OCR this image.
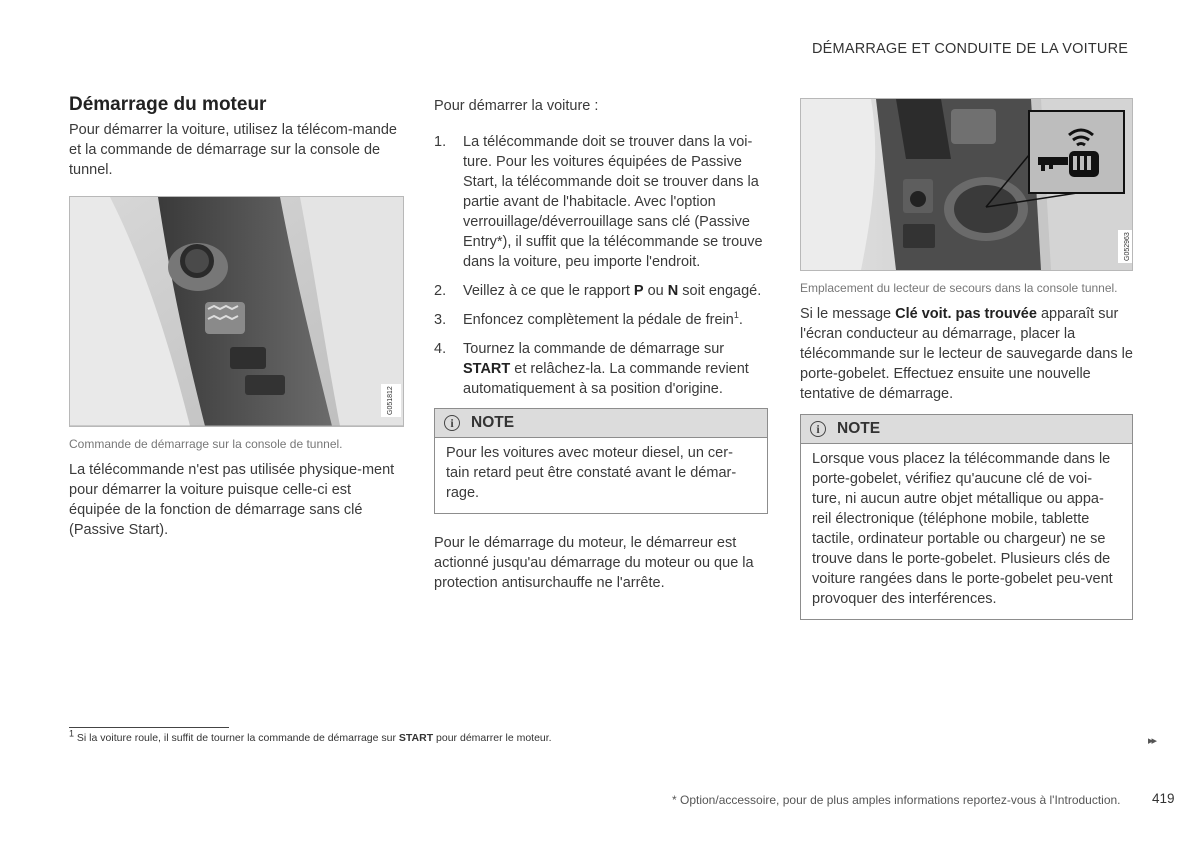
DÉMARRAGE ET CONDUITE DE LA VOITURE
Démarrage du moteur

Pour démarrer la voiture, utilisez la télécom-mande et la commande de démarrage sur la console de tunnel.

G051812

Commande de démarrage sur la console de tunnel.

La télécommande n'est pas utilisée physique-ment pour démarrer la voiture puisque celle-ci est équipée de la fonction de démarrage sans clé (Passive Start).

Pour démarrer la voiture :

1.	La télécommande doit se trouver dans la voi-ture. Pour les voitures équipées de Passive Start, la télécommande doit se trouver dans la partie avant de l'habitacle. Avec l'option verrouillage/déverrouillage sans clé (Passive Entry*), il suffit que la télécommande se trouve dans la voiture, peu importe l'endroit.
2.	Veillez à ce que le rapport P ou N soit engagé.
3.	Enfoncez complètement la pédale de frein$^1$.
4.	Tournez la commande de démarrage sur START et relâchez-la. La commande revient automatiquement à sa position d'origine.
i	NOTE
Pour les voitures avec moteur diesel, un cer-tain retard peut être constaté avant le démar-rage.

Pour le démarrage du moteur, le démarreur est actionné jusqu'au démarrage du moteur ou que la protection antisurchauffe ne l'arrête.

G052963

Emplacement du lecteur de secours dans la console tunnel.

Si le message Clé voit. pas trouvée apparaît sur l'écran conducteur au démarrage, placer la télécommande sur le lecteur de sauvegarde dans le porte-gobelet. Effectuez ensuite une nouvelle tentative de démarrage.

i	NOTE
Lorsque vous placez la télécommande dans le porte-gobelet, vérifiez qu'aucune clé de voi-ture, ni aucun autre objet métallique ou appa-reil électronique (téléphone mobile, tablette tactile, ordinateur portable ou chargeur) ne se trouve dans le porte-gobelet. Plusieurs clés de voiture rangées dans le porte-gobelet peu-vent provoquer des interférences.
$^1$ Si la voiture roule, il suffit de tourner la commande de démarrage sur START pour démarrer le moteur.	▸▸
* Option/accessoire, pour de plus amples informations reportez-vous à l'Introduction. 419
